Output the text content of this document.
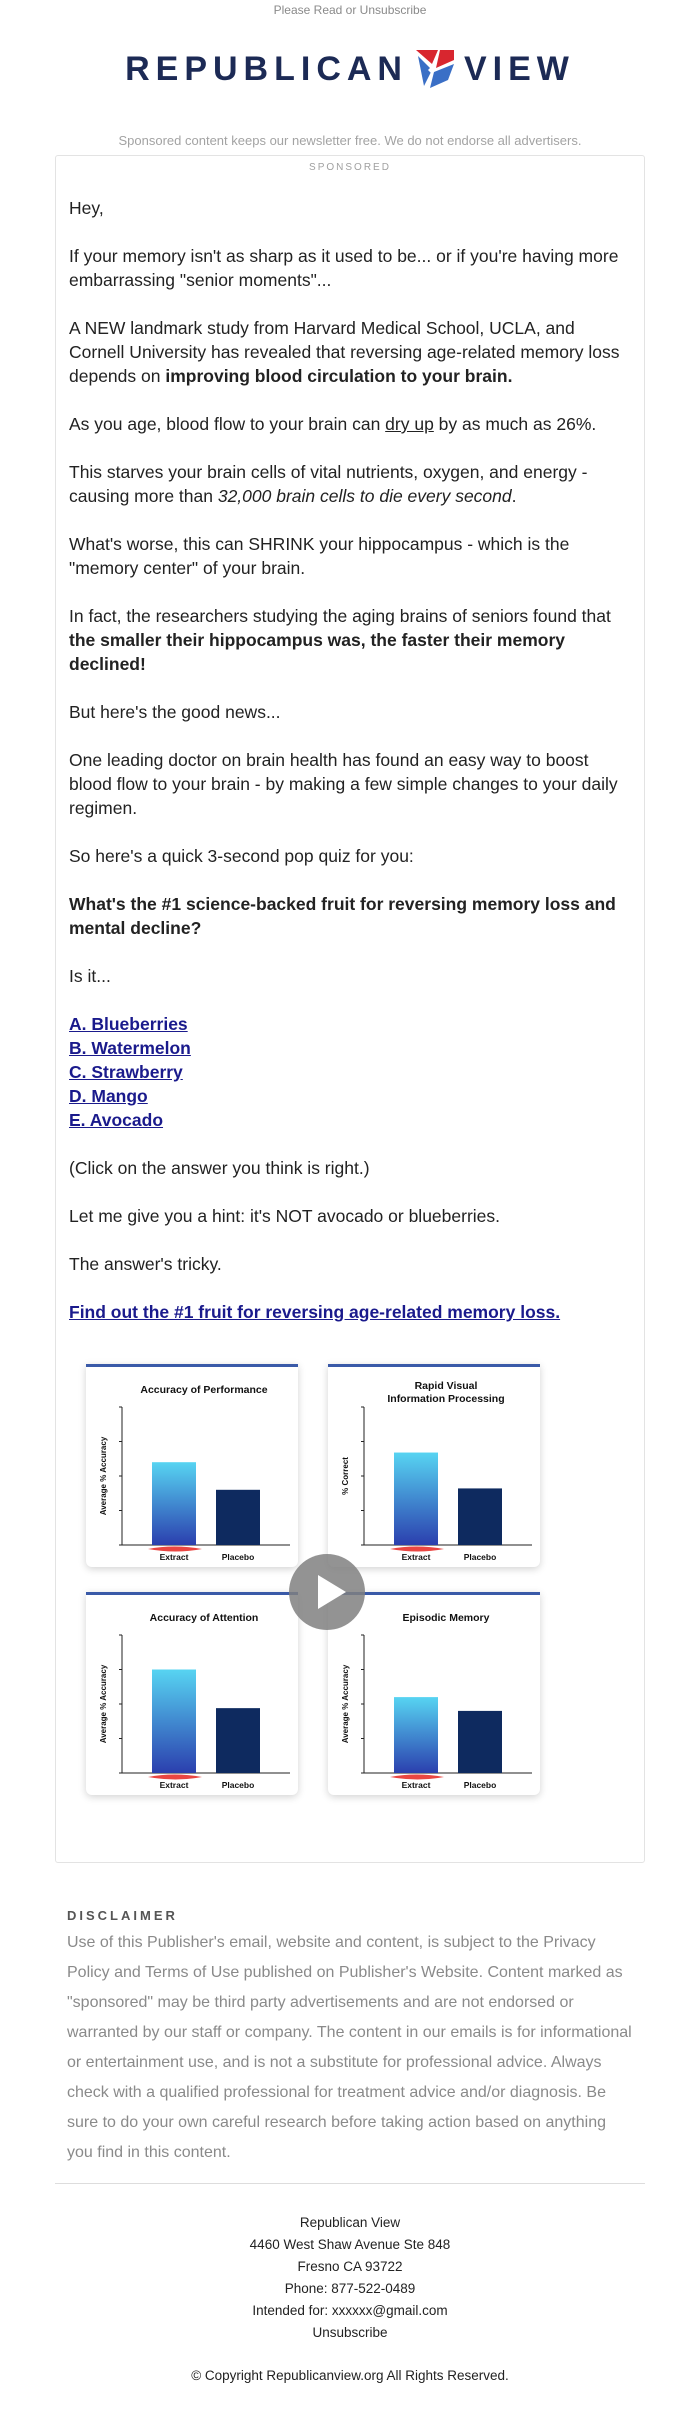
Please Read or Unsubscribe
REPUBLICAN VIEW
Sponsored content keeps our newsletter free. We do not endorse all advertisers.
SPONSORED

Hey,

If your memory isn't as sharp as it used to be... or if you're having more embarrassing "senior moments"...

A NEW landmark study from Harvard Medical School, UCLA, and Cornell University has revealed that reversing age-related memory loss depends on improving blood circulation to your brain.

As you age, blood flow to your brain can dry up by as much as 26%.

This starves your brain cells of vital nutrients, oxygen, and energy - causing more than 32,000 brain cells to die every second.

What's worse, this can SHRINK your hippocampus - which is the "memory center" of your brain.

In fact, the researchers studying the aging brains of seniors found that the smaller their hippocampus was, the faster their memory declined!

But here's the good news...

One leading doctor on brain health has found an easy way to boost blood flow to your brain - by making a few simple changes to your daily regimen.

So here's a quick 3-second pop quiz for you:

What's the #1 science-backed fruit for reversing memory loss and mental decline?

Is it...

A. Blueberries
B. Watermelon
C. Strawberry
D. Mango
E. Avocado

(Click on the answer you think is right.)

Let me give you a hint: it's NOT avocado or blueberries.

The answer's tricky.

Find out the #1 fruit for reversing age-related memory loss.

Accuracy of Performance
Average % Accuracy
Extract	Placebo
Rapid Visual
Information Processing
% Correct
Extract	Placebo
Accuracy of Attention
Average % Accuracy
Extract	Placebo
Episodic Memory
Average % Accuracy
Extract	Placebo
DISCLAIMER
Use of this Publisher's email, website and content, is subject to the Privacy Policy and Terms of Use published on Publisher's Website. Content marked as "sponsored" may be third party advertisements and are not endorsed or warranted by our staff or company. The content in our emails is for informational or entertainment use, and is not a substitute for professional advice. Always check with a qualified professional for treatment advice and/or diagnosis. Be sure to do your own careful research before taking action based on anything you find in this content.
Republican View
4460 West Shaw Avenue Ste 848
Fresno CA 93722
Phone: 877-522-0489
Intended for: xxxxxx@gmail.com
Unsubscribe
© Copyright Republicanview.org All Rights Reserved.
